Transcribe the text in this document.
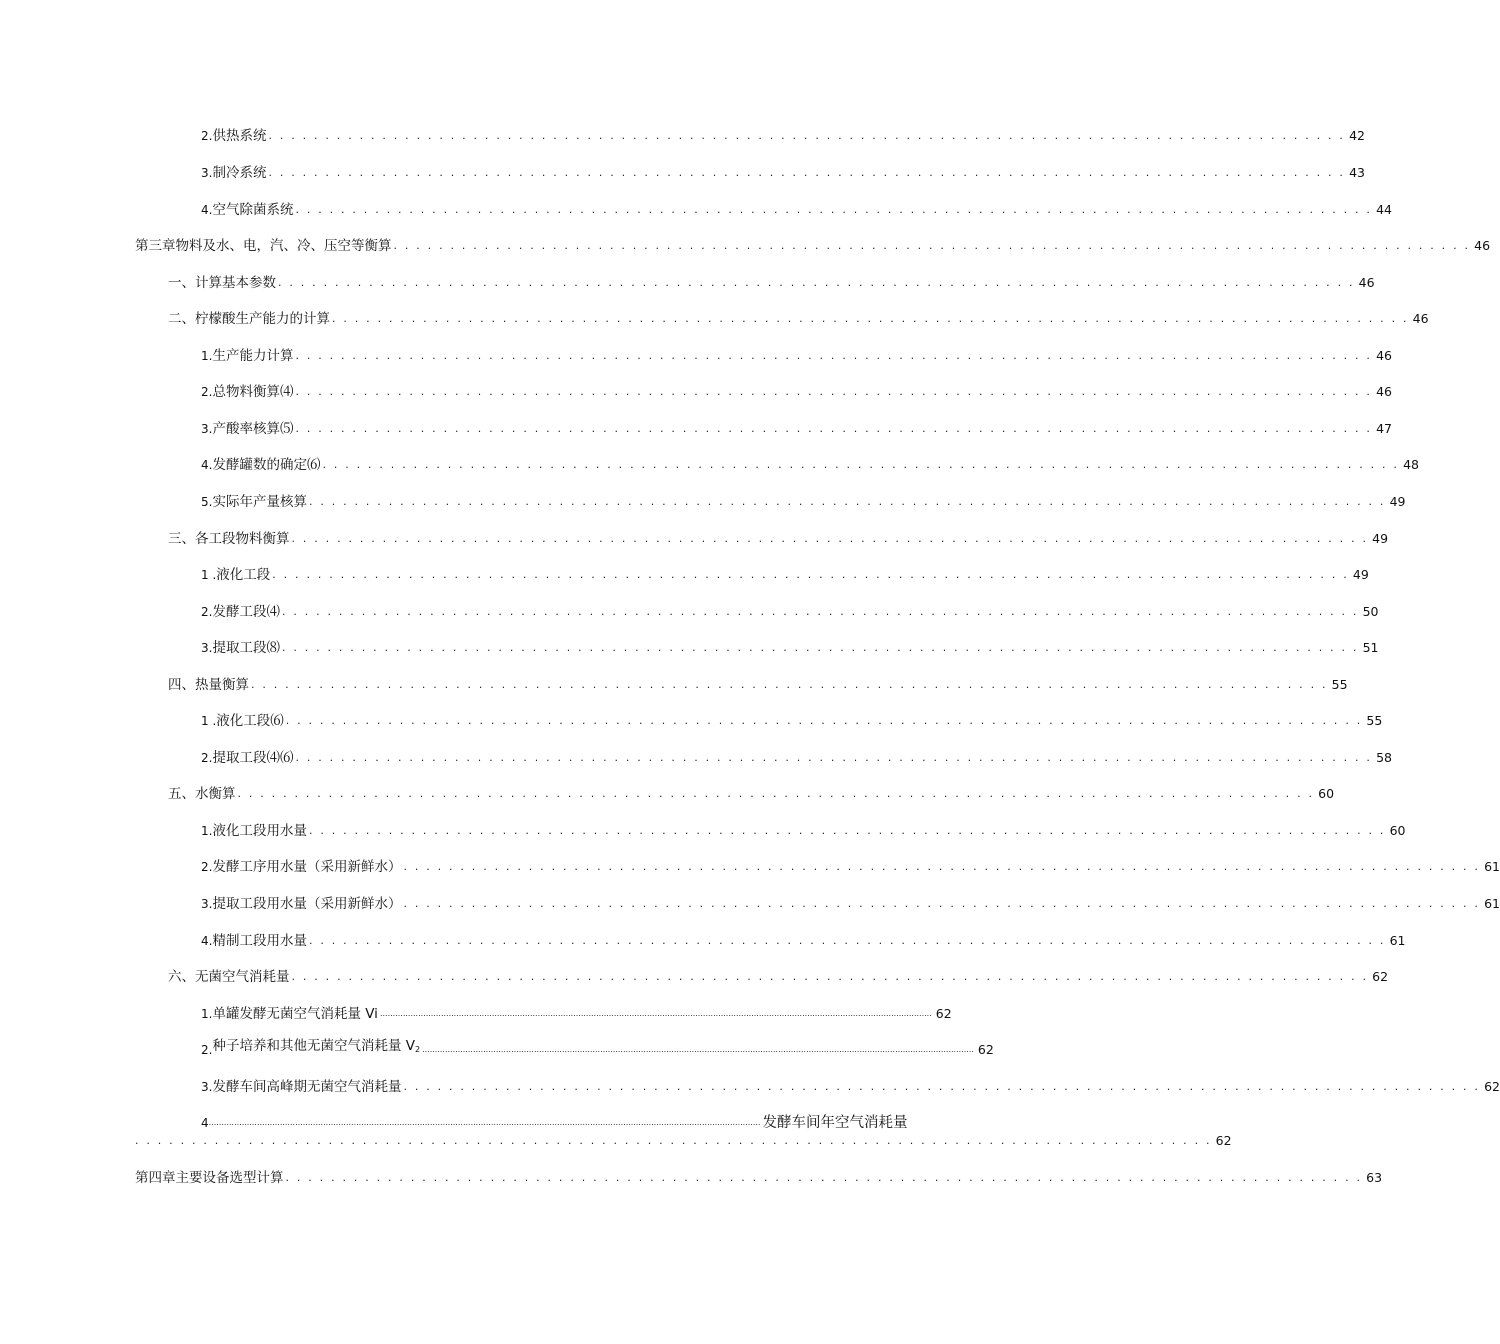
2. 供热系统 . . . . . . . . . . . . . . . . . . . . . . . . . . . . . . . . . . . . . . . . . . . . . . . . . . . . . . . . . . . . . . . . . . . . . . . . . . . . . . . . . . . . . . . . . . . . . . . 42
3. 制冷系统 . . . . . . . . . . . . . . . . . . . . . . . . . . . . . . . . . . . . . . . . . . . . . . . . . . . . . . . . . . . . . . . . . . . . . . . . . . . . . . . . . . . . . . . . . . . . . . . 43
4. 空气除菌系统 . . . . . . . . . . . . . . . . . . . . . . . . . . . . . . . . . . . . . . . . . . . . . . . . . . . . . . . . . . . . . . . . . . . . . . . . . . . . . . . . . . . . . . . . . . . . . . . 44
第三章物料及水、电，汽、冷、压空等衡算 . . . . . . . . . . . . . . . . . . . . . . . . . . . . . . . . . . . . . . . . . . . . . . . . . . . . . . . . . . . . . . . . . . . . . . . . . . . . . . . . . . . . . . . . . . . . . . . 46
一、 计算基本参数 . . . . . . . . . . . . . . . . . . . . . . . . . . . . . . . . . . . . . . . . . . . . . . . . . . . . . . . . . . . . . . . . . . . . . . . . . . . . . . . . . . . . . . . . . . . . . . . 46
二、 柠檬酸生产能力的计算 . . . . . . . . . . . . . . . . . . . . . . . . . . . . . . . . . . . . . . . . . . . . . . . . . . . . . . . . . . . . . . . . . . . . . . . . . . . . . . . . . . . . . . . . . . . . . . . 46
1. 生产能力计算 . . . . . . . . . . . . . . . . . . . . . . . . . . . . . . . . . . . . . . . . . . . . . . . . . . . . . . . . . . . . . . . . . . . . . . . . . . . . . . . . . . . . . . . . . . . . . . . 46
2. 总物料衡算⑷ . . . . . . . . . . . . . . . . . . . . . . . . . . . . . . . . . . . . . . . . . . . . . . . . . . . . . . . . . . . . . . . . . . . . . . . . . . . . . . . . . . . . . . . . . . . . . . . 46
3. 产酸率核算⑸ . . . . . . . . . . . . . . . . . . . . . . . . . . . . . . . . . . . . . . . . . . . . . . . . . . . . . . . . . . . . . . . . . . . . . . . . . . . . . . . . . . . . . . . . . . . . . . . 47
4. 发酵罐数的确定⑹ . . . . . . . . . . . . . . . . . . . . . . . . . . . . . . . . . . . . . . . . . . . . . . . . . . . . . . . . . . . . . . . . . . . . . . . . . . . . . . . . . . . . . . . . . . . . . . . 48
5. 实际年产量核算 . . . . . . . . . . . . . . . . . . . . . . . . . . . . . . . . . . . . . . . . . . . . . . . . . . . . . . . . . . . . . . . . . . . . . . . . . . . . . . . . . . . . . . . . . . . . . . . 49
三、 各工段物料衡算 . . . . . . . . . . . . . . . . . . . . . . . . . . . . . . . . . . . . . . . . . . . . . . . . . . . . . . . . . . . . . . . . . . . . . . . . . . . . . . . . . . . . . . . . . . . . . . . 49
1 . 液化工段 . . . . . . . . . . . . . . . . . . . . . . . . . . . . . . . . . . . . . . . . . . . . . . . . . . . . . . . . . . . . . . . . . . . . . . . . . . . . . . . . . . . . . . . . . . . . . . . 49
2. 发酵工段⑷ . . . . . . . . . . . . . . . . . . . . . . . . . . . . . . . . . . . . . . . . . . . . . . . . . . . . . . . . . . . . . . . . . . . . . . . . . . . . . . . . . . . . . . . . . . . . . . . 50
3. 提取工段⑻ . . . . . . . . . . . . . . . . . . . . . . . . . . . . . . . . . . . . . . . . . . . . . . . . . . . . . . . . . . . . . . . . . . . . . . . . . . . . . . . . . . . . . . . . . . . . . . . 51
四、 热量衡算 . . . . . . . . . . . . . . . . . . . . . . . . . . . . . . . . . . . . . . . . . . . . . . . . . . . . . . . . . . . . . . . . . . . . . . . . . . . . . . . . . . . . . . . . . . . . . . . 55
1 . 液化工段⑹ . . . . . . . . . . . . . . . . . . . . . . . . . . . . . . . . . . . . . . . . . . . . . . . . . . . . . . . . . . . . . . . . . . . . . . . . . . . . . . . . . . . . . . . . . . . . . . . 55
2. 提取工段⑷⑹ . . . . . . . . . . . . . . . . . . . . . . . . . . . . . . . . . . . . . . . . . . . . . . . . . . . . . . . . . . . . . . . . . . . . . . . . . . . . . . . . . . . . . . . . . . . . . . . 58
五、 水衡算 . . . . . . . . . . . . . . . . . . . . . . . . . . . . . . . . . . . . . . . . . . . . . . . . . . . . . . . . . . . . . . . . . . . . . . . . . . . . . . . . . . . . . . . . . . . . . . . 60
1. 液化工段用水量 . . . . . . . . . . . . . . . . . . . . . . . . . . . . . . . . . . . . . . . . . . . . . . . . . . . . . . . . . . . . . . . . . . . . . . . . . . . . . . . . . . . . . . . . . . . . . . . 60
2. 发酵工序用水量（采用新鲜水） . . . . . . . . . . . . . . . . . . . . . . . . . . . . . . . . . . . . . . . . . . . . . . . . . . . . . . . . . . . . . . . . . . . . . . . . . . . . . . . . . . . . . . . . . . . . . . . 61
3. 提取工段用水量（采用新鲜水） . . . . . . . . . . . . . . . . . . . . . . . . . . . . . . . . . . . . . . . . . . . . . . . . . . . . . . . . . . . . . . . . . . . . . . . . . . . . . . . . . . . . . . . . . . . . . . . 61
4. 精制工段用水量 . . . . . . . . . . . . . . . . . . . . . . . . . . . . . . . . . . . . . . . . . . . . . . . . . . . . . . . . . . . . . . . . . . . . . . . . . . . . . . . . . . . . . . . . . . . . . . . 61
六、 无菌空气消耗量 . . . . . . . . . . . . . . . . . . . . . . . . . . . . . . . . . . . . . . . . . . . . . . . . . . . . . . . . . . . . . . . . . . . . . . . . . . . . . . . . . . . . . . . . . . . . . . . 62
1. 单罐发酵无菌空气消耗量 Vi ......................................................................................................................................................................................................................... 62
2. 种子培养和其他无菌空气消耗量 $V_2$ ......................................................................................................................................................................................................................... 62
3. 发酵车间高峰期无菌空气消耗量 . . . . . . . . . . . . . . . . . . . . . . . . . . . . . . . . . . . . . . . . . . . . . . . . . . . . . . . . . . . . . . . . . . . . . . . . . . . . . . . . . . . . . . . . . . . . . . . 62
4 ......................................................................................................................................................................................................................... 发酵车间年空气消耗量
. . . . . . . . . . . . . . . . . . . . . . . . . . . . . . . . . . . . . . . . . . . . . . . . . . . . . . . . . . . . . . . . . . . . . . . . . . . . . . . . . . . . . . . . . . . . . . . 62
第四章主要设备选型计算 . . . . . . . . . . . . . . . . . . . . . . . . . . . . . . . . . . . . . . . . . . . . . . . . . . . . . . . . . . . . . . . . . . . . . . . . . . . . . . . . . . . . . . . . . . . . . . . 63
